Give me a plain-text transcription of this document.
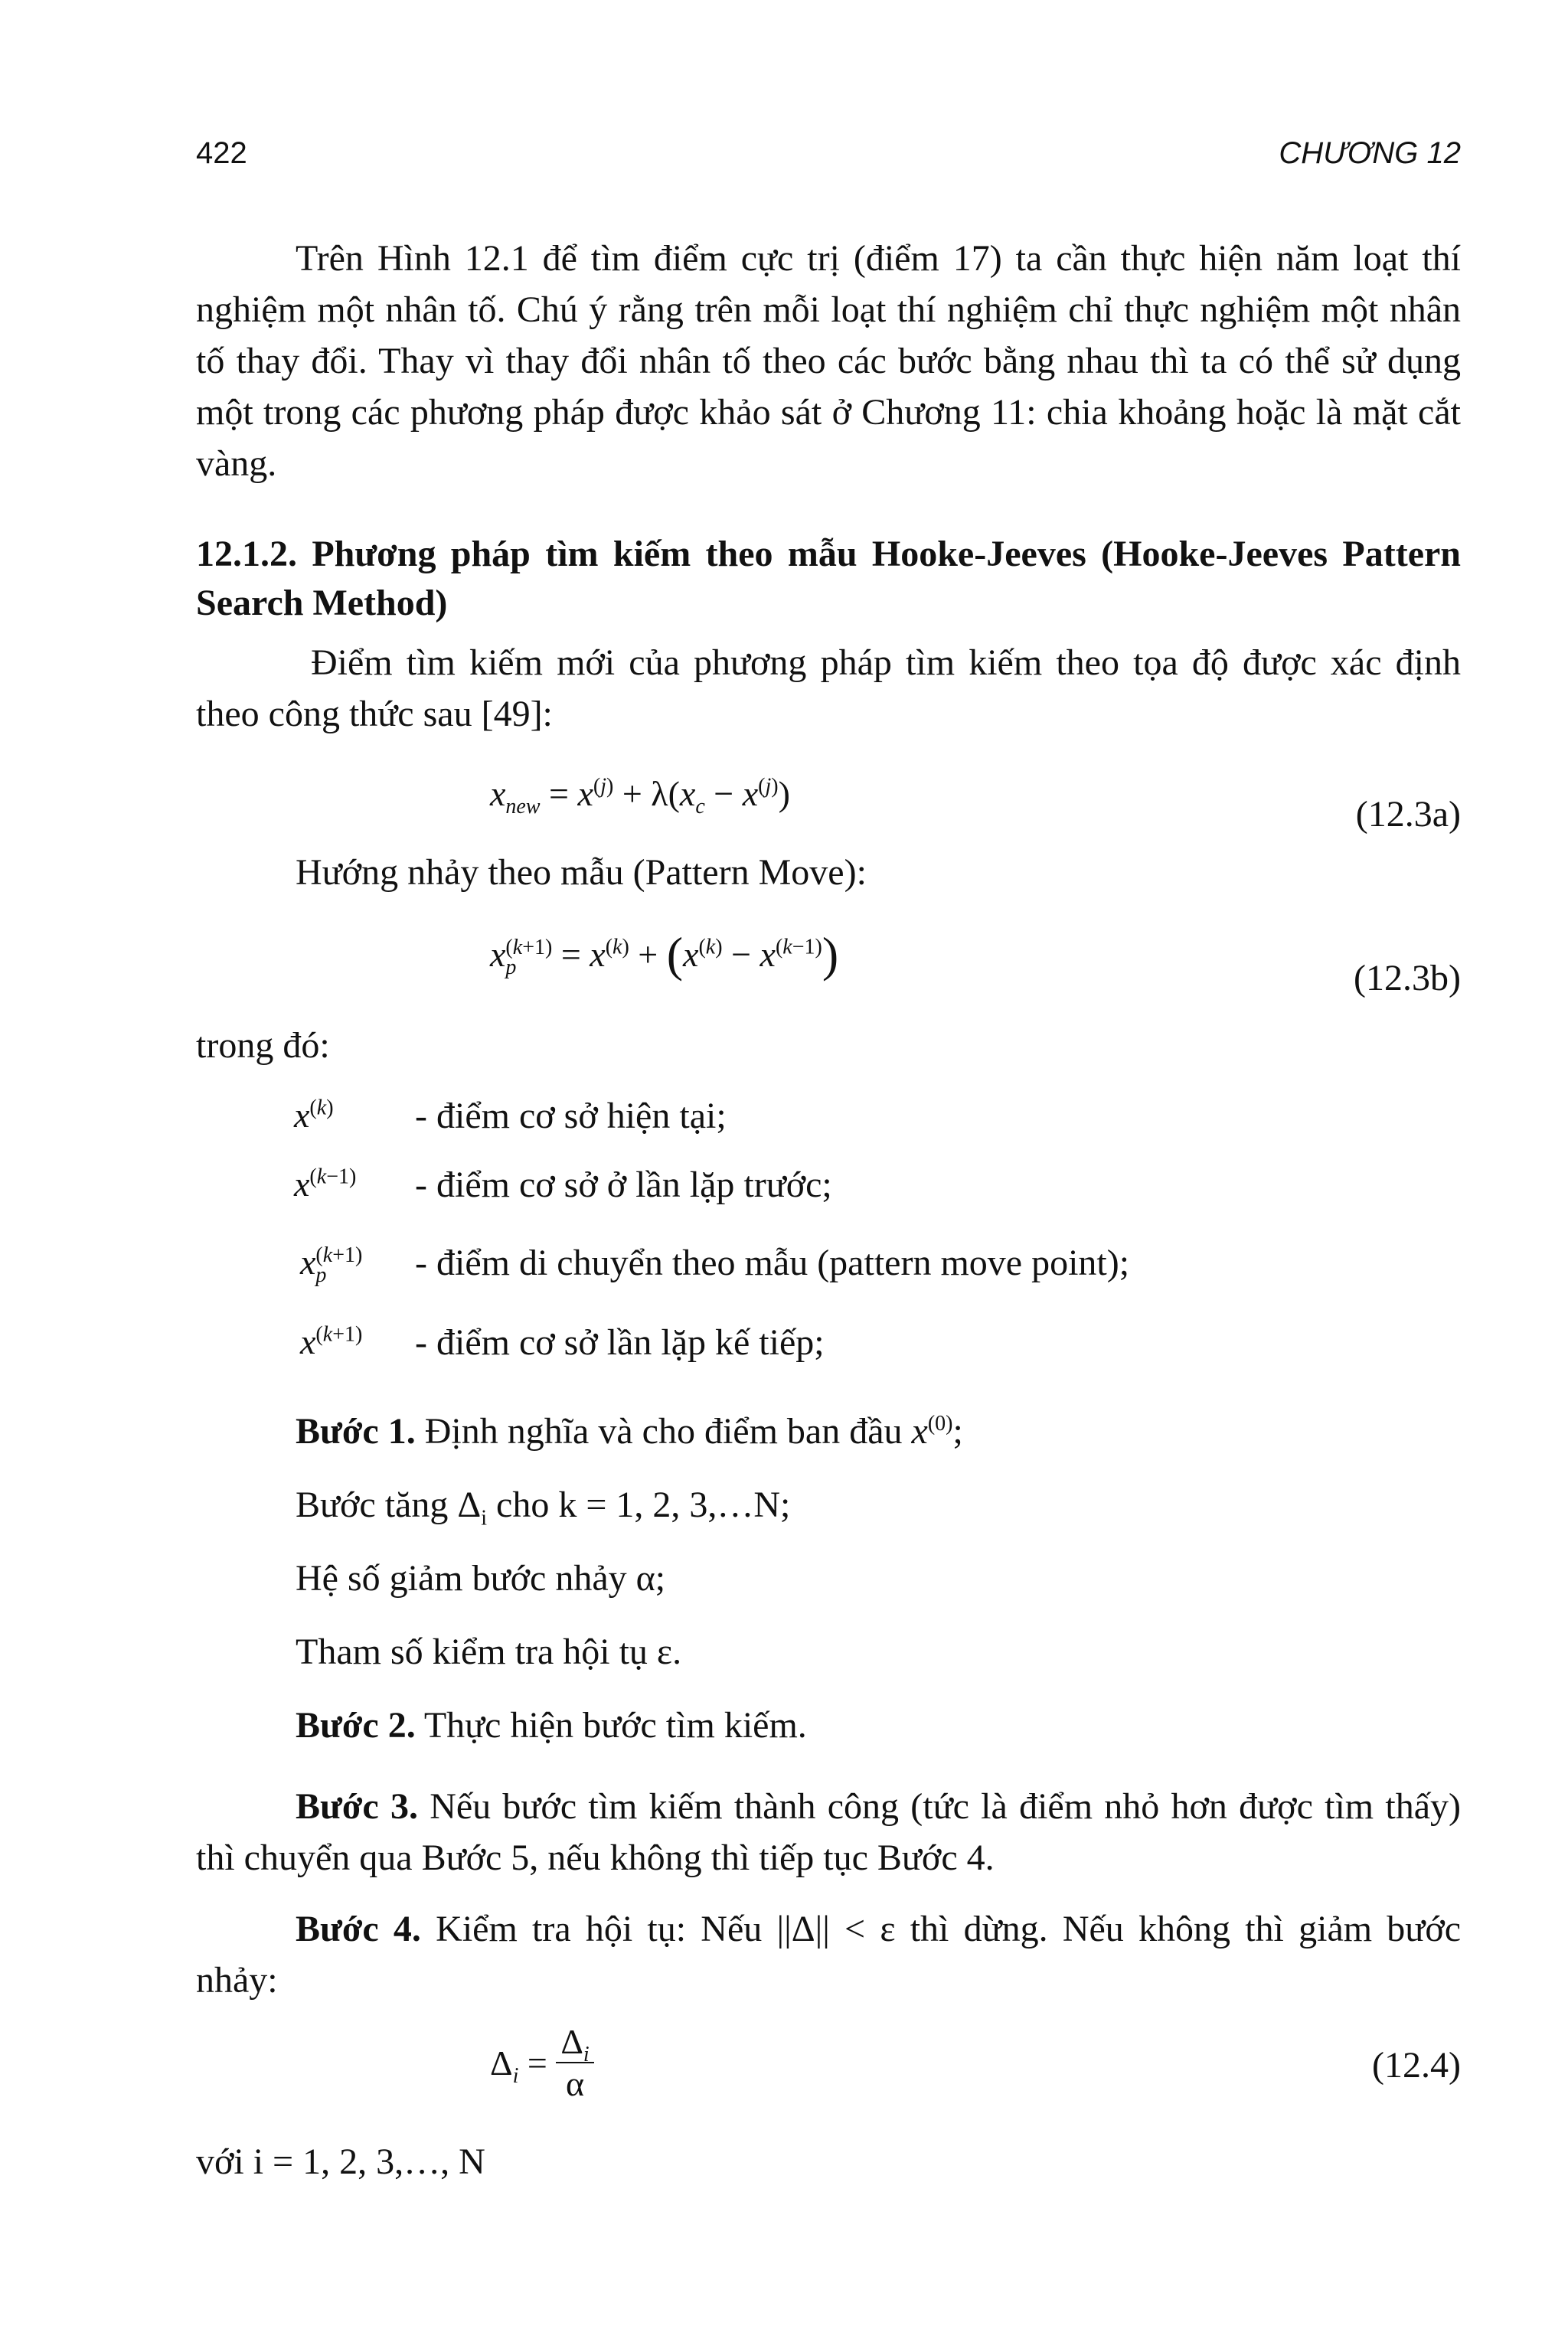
422	CHƯƠNG 12
Trên Hình 12.1 để tìm điểm cực trị (điểm 17) ta cần thực hiện năm loạt thí nghiệm một nhân tố. Chú ý rằng trên mỗi loạt thí nghiệm chỉ thực nghiệm một nhân tố thay đổi. Thay vì thay đổi nhân tố theo các bước bằng nhau thì ta có thể sử dụng một trong các phương pháp được khảo sát ở Chương 11: chia khoảng hoặc là mặt cắt vàng.
12.1.2. Phương pháp tìm kiếm theo mẫu Hooke-Jeeves (Hooke-Jeeves Pattern Search Method)
Điểm tìm kiếm mới của phương pháp tìm kiếm theo tọa độ được xác định theo công thức sau [49]:
$x_{new} = x^{(j)} + \lambda(x_c - x^{(j)})$
(12.3a)
Hướng nhảy theo mẫu (Pattern Move):
$x_p^{(k+1)} = x^{(k)} + (x^{(k)} - x^{(k-1)})$	(12.3b)
trong đó:
$x^{(k)}$ - điểm cơ sở hiện tại;
$x^{(k-1)}$ - điểm cơ sở ở lần lặp trước;
$x_p^{(k+1)}$ - điểm di chuyển theo mẫu (pattern move point);
$x^{(k+1)}$ - điểm cơ sở lần lặp kế tiếp;
Bước 1. Định nghĩa và cho điểm ban đầu $x^{(0)}$;
Bước tăng $\Delta_i$ cho k = 1, 2, 3,…N;
Hệ số giảm bước nhảy α;
Tham số kiểm tra hội tụ ε.
Bước 2. Thực hiện bước tìm kiếm.
Bước 3. Nếu bước tìm kiếm thành công (tức là điểm nhỏ hơn được tìm thấy) thì chuyển qua Bước 5, nếu không thì tiếp tục Bước 4.
Bước 4. Kiểm tra hội tụ: Nếu ||Δ|| < ε thì dừng. Nếu không thì giảm bước nhảy:
$\Delta_i = \frac{\Delta_i}{\alpha}$	(12.4)
với i = 1, 2, 3,…, N
